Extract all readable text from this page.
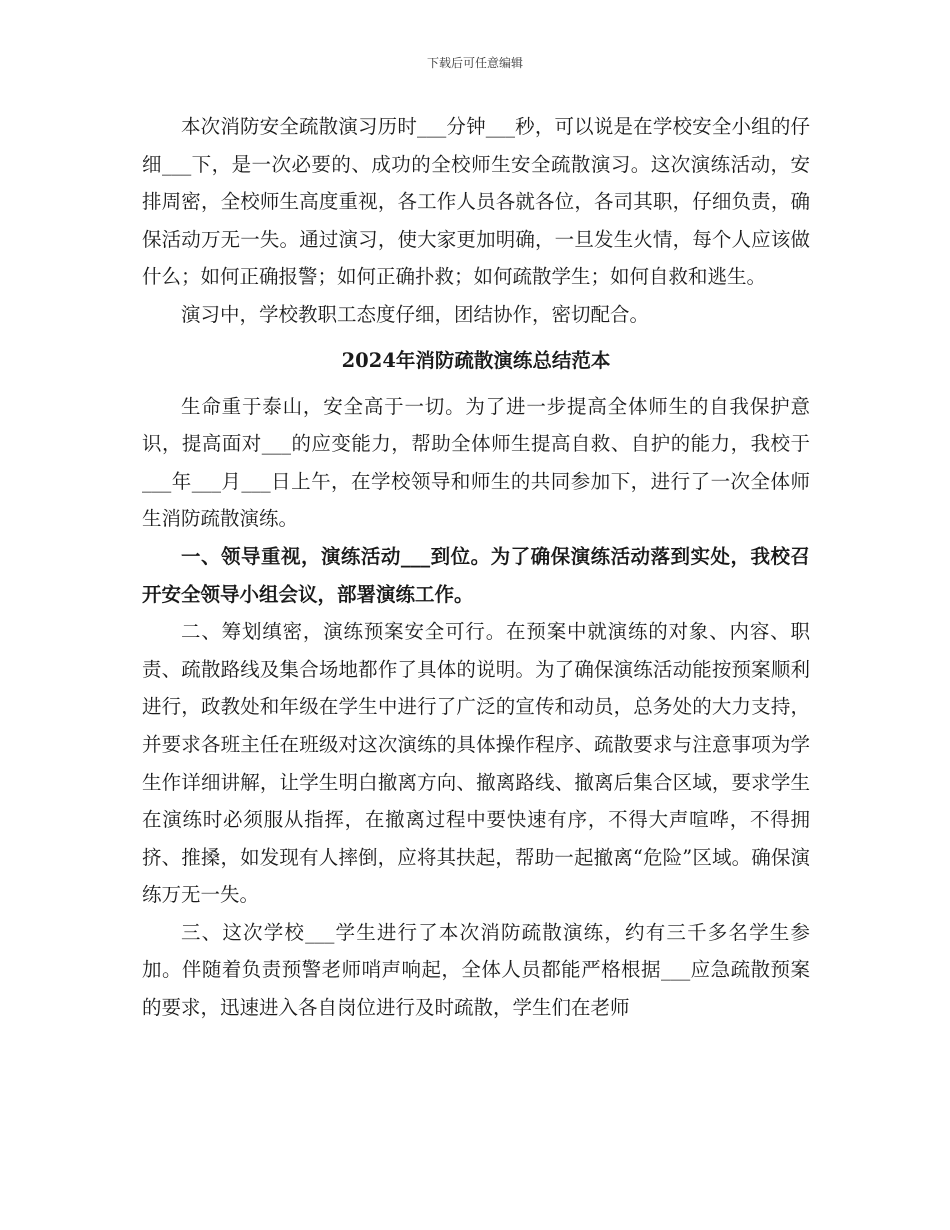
下载后可任意编辑

本次消防安全疏散演习历时___分钟___秒，可以说是在学校安全小组的仔细___下，是一次必要的、成功的全校师生安全疏散演习。这次演练活动，安排周密，全校师生高度重视，各工作人员各就各位，各司其职，仔细负责，确保活动万无一失。通过演习，使大家更加明确，一旦发生火情，每个人应该做什么；如何正确报警；如何正确扑救；如何疏散学生；如何自救和逃生。

演习中，学校教职工态度仔细，团结协作，密切配合。

2024年消防疏散演练总结范本

生命重于泰山，安全高于一切。为了进一步提高全体师生的自我保护意识，提高面对___的应变能力，帮助全体师生提高自救、自护的能力，我校于___年___月___日上午，在学校领导和师生的共同参加下，进行了一次全体师生消防疏散演练。

一、领导重视，演练活动___到位。为了确保演练活动落到实处，我校召开安全领导小组会议，部署演练工作。

二、筹划缜密，演练预案安全可行。在预案中就演练的对象、内容、职责、疏散路线及集合场地都作了具体的说明。为了确保演练活动能按预案顺利进行，政教处和年级在学生中进行了广泛的宣传和动员，总务处的大力支持，并要求各班主任在班级对这次演练的具体操作程序、疏散要求与注意事项为学生作详细讲解，让学生明白撤离方向、撤离路线、撤离后集合区域，要求学生在演练时必须服从指挥，在撤离过程中要快速有序，不得大声喧哗，不得拥挤、推搡，如发现有人摔倒，应将其扶起，帮助一起撤离“危险”区域。确保演练万无一失。

三、这次学校___学生进行了本次消防疏散演练，约有三千多名学生参加。伴随着负责预警老师哨声响起，全体人员都能严格根据___应急疏散预案的要求，迅速进入各自岗位进行及时疏散，学生们在老师
